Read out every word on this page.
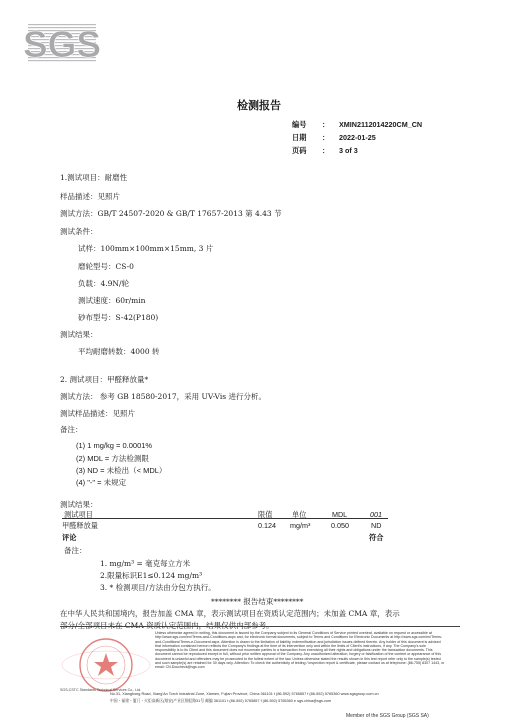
SGS
检测报告
编号 ： XMIN2112014220CM_CN
日期 ： 2022-01-25
页码 ： 3 of 3
1.测试项目：耐磨性
样品描述：见照片
测试方法：GB/T 24507-2020 & GB/T 17657-2013 第 4.43 节
测试条件：
试样：100mm×100mm×15mm, 3 片
磨轮型号：CS-0
负载：4.9N/轮
测试速度：60r/min
砂布型号：S-42(P180)
测试结果：
平均耐磨转数：4000 转
2. 测试项目：甲醛释放量*
测试方法： 参考 GB 18580-2017，采用 UV-Vis 进行分析。
测试样品描述：见照片
备注：
(1) 1 mg/kg = 0.0001%
(2) MDL = 方法检测限
(3) ND = 未检出（< MDL）
(4) "-" = 未规定
测试结果：
测试项目	限值	单位	MDL	001
甲醛释放量	0.124 mg/m³	0.050	ND
评论	符合
备注：
1. mg/m³ = 毫克每立方米
2.限量标识E1≤0.124 mg/m³
3. * 检测项目/方法由分包方执行。
******** 报告结束********
在中华人民共和国境内，报告加盖 CMA 章，表示测试项目在资质认定范围内；未加盖 CMA 章，表示
部分/全部项目未在 CMA 资质认定范围内，结果仅供内部参考。
Unless otherwise agreed in writing, this document is issued by the Company subject to its General Conditions of Service printed overleaf, available on request or accessible at http://www.sgs.com/en/Terms-and-Conditions.aspx and, for electronic format documents, subject to Terms and Conditions for Electronic Documents at http://www.sgs.com/en/Terms-and-Conditions/Terms-e-Document.aspx. Attention is drawn to the limitation of liability, indemnification and jurisdiction issues defined therein. Any holder of this document is advised that information contained hereon reflects the Company's findings at the time of its intervention only and within the limits of Client's instructions, if any. The Company's sole responsibility is to its Client and this document does not exonerate parties to a transaction from exercising all their rights and obligations under the transaction documents. This document cannot be reproduced except in full, without prior written approval of the Company. Any unauthorized alteration, forgery or falsification of the content or appearance of this document is unlawful and offenders may be prosecuted to the fullest extent of the law. Unless otherwise stated the results shown in this test report refer only to the sample(s) tested and such sample(s) are retained for 30 days only. Attention: To check the authenticity of testing / inspection report & certificate, please contact us at telephone: (86-755) 8307 1443, or email: CN.Doccheck@sgs.com
SGS-CSTC Standards Technical Services Co., Ltd.
No.31, Xianghong Road, Xiang'An Torch Industrial Zone, Xiamen, Fujian Province, China 361101 t (86-592) 5765857 f (86-592) 5765360 www.sgsgroup.com.cn
中国・福建・厦门・火炬高新区(翔安)产业区翔虹路31号 邮编 361101 t (86-592) 5765857 f (86-592) 5765360 e sgs.china@sgs.com
Member of the SGS Group (SGS SA)
